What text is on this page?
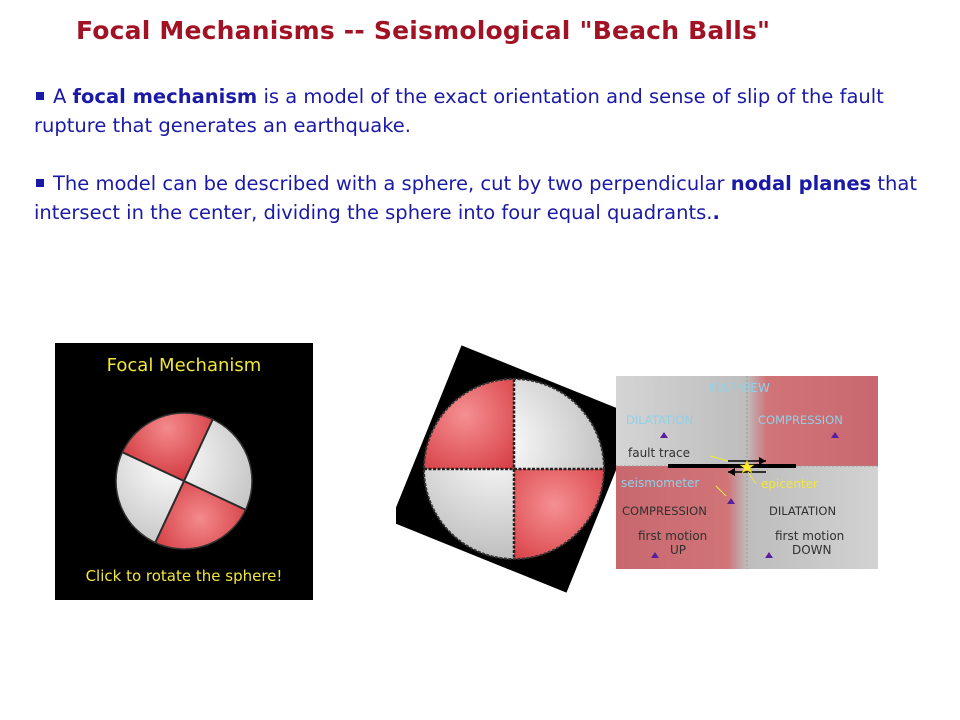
Focal Mechanisms -- Seismological "Beach Balls"
A focal mechanism is a model of the exact orientation and sense of slip of the fault rupture that generates an earthquake.
The model can be described with a sphere, cut by two perpendicular nodal planes that intersect in the center, dividing the sphere into four equal quadrants..
Focal Mechanism
Click to rotate the sphere!
MAP VIEW
DILATATION	COMPRESSION
fault trace
seismometer	epicenter
COMPRESSION	DILATATION
first motion
UP
first motion
DOWN
